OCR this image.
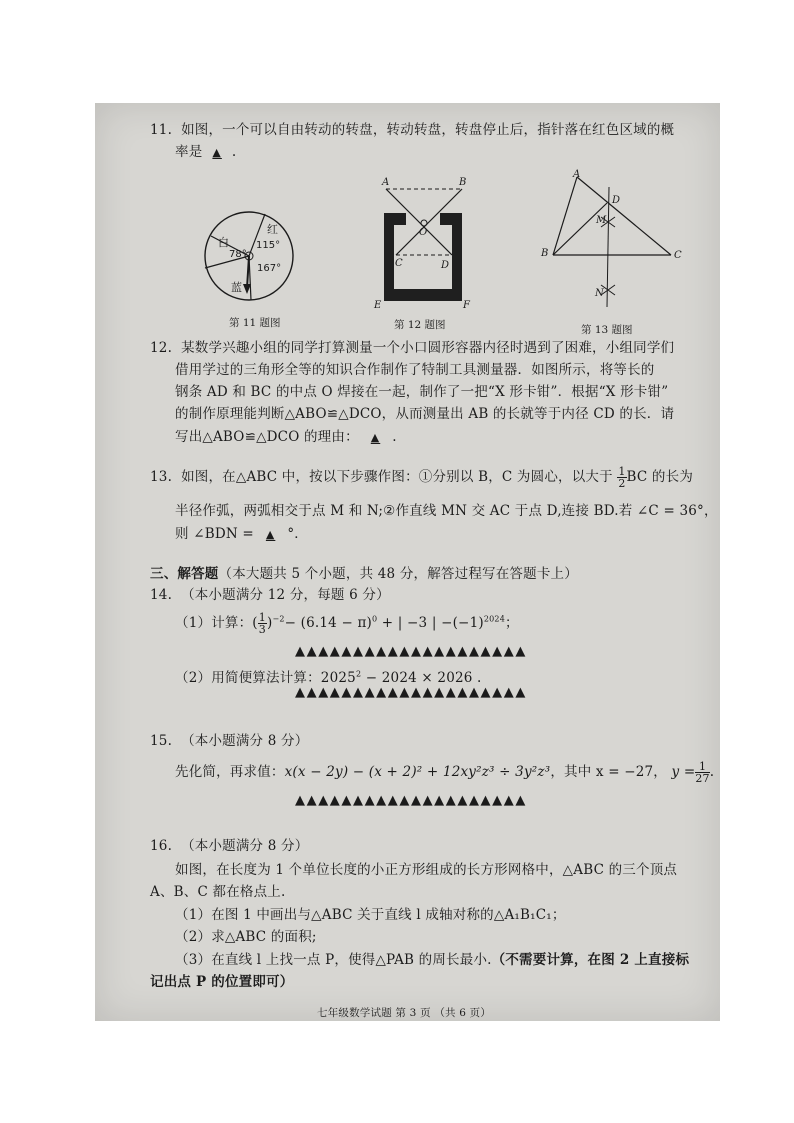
11. 如图，一个可以自由转动的转盘，转动转盘，转盘停止后，指针落在红色区域的概
率是 ▲ .
白
红
蓝
78°
115°
167°
第 11 题图
A	B
O
C	D
E	F
第 12 题图
A
D
M
B	C
N
第 13 题图
12. 某数学兴趣小组的同学打算测量一个小口圆形容器内径时遇到了困难，小组同学们
借用学过的三角形全等的知识合作制作了特制工具测量器．如图所示，将等长的
钢条 AD 和 BC 的中点 O 焊接在一起，制作了一把“X 形卡钳”．根据“X 形卡钳”
的制作原理能判断△ABO≌△DCO，从而测量出 AB 的长就等于内径 CD 的长．请
写出△ABO≌△DCO 的理由： ▲ .
13. 如图，在△ABC 中，按以下步骤作图：①分别以 B，C 为圆心，以大于 $\frac{1}{2}$ BC 的长为
半径作弧，两弧相交于点 M 和 N;②作直线 MN 交 AC 于点 D,连接 BD.若 ∠C = 36°，
则 ∠BDN = ▲ °．
三、解答题（本大题共 5 个小题，共 48 分，解答过程写在答题卡上）
14. （本小题满分 12 分，每题 6 分）
（1）计算：( $\frac{1}{3} )^{-2}- (6.14 - \pi)^0$ + | −3 | $-(-1)^{2024}$；
▲▲▲▲▲▲▲▲▲▲▲▲▲▲▲▲▲▲▲▲
（2）用简便算法计算：$2025^2 - 2024 \times 2026$ .
▲▲▲▲▲▲▲▲▲▲▲▲▲▲▲▲▲▲▲▲
15. （本小题满分 8 分）
先化简，再求值：x(x − 2y) − (x + 2)² + 12xy²z³ ÷ 3y²z³，其中 x = −27， $y = \frac{1}{27}$ .
▲▲▲▲▲▲▲▲▲▲▲▲▲▲▲▲▲▲▲▲
16. （本小题满分 8 分）
如图，在长度为 1 个单位长度的小正方形组成的长方形网格中，△ABC 的三个顶点
A、B、C 都在格点上.
（1）在图 1 中画出与△ABC 关于直线 l 成轴对称的△A₁B₁C₁；
（2）求△ABC 的面积;
（3）在直线 l 上找一点 P，使得△PAB 的周长最小.（不需要计算，在图 2 上直接标
记出点 P 的位置即可）
七年级数学试题 第 3 页 （共 6 页）
